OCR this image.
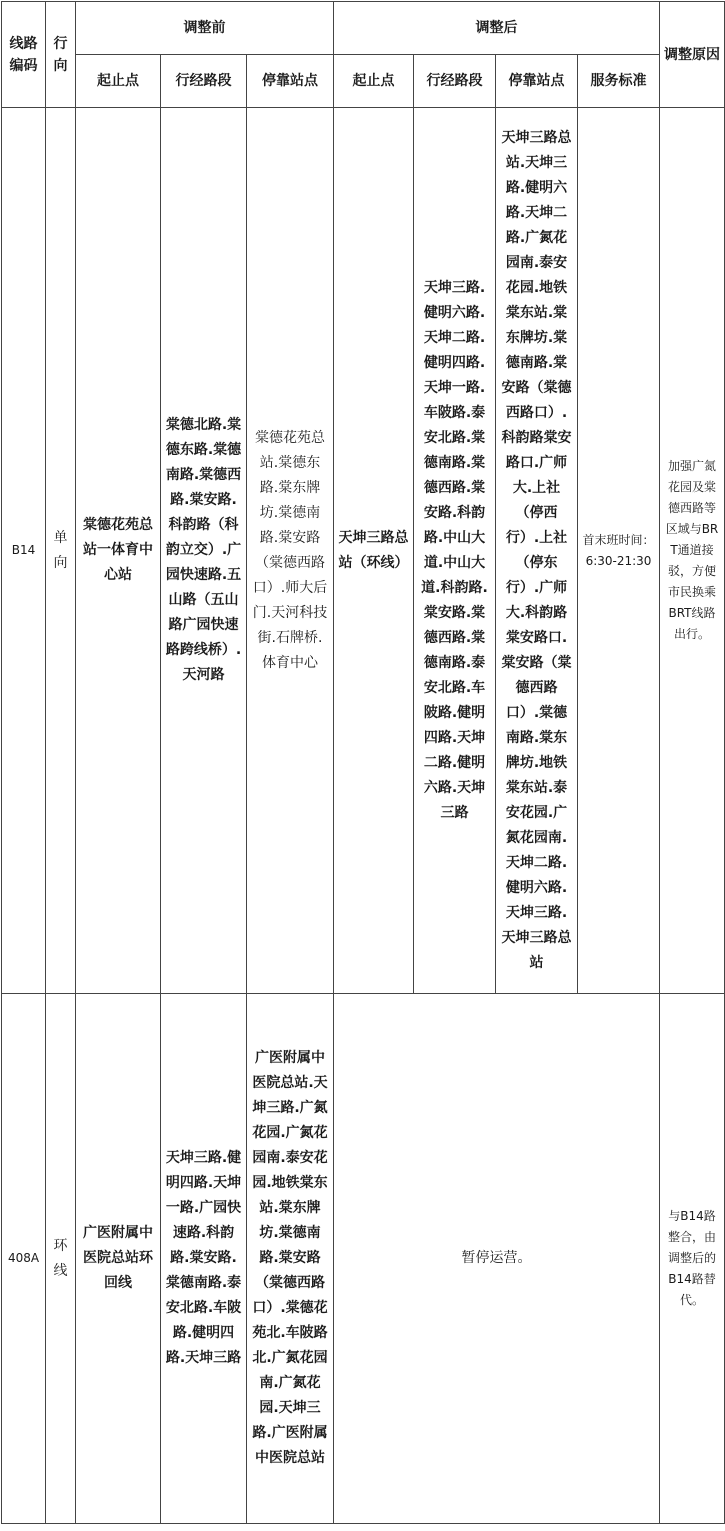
线路编码	行向	调整前			调整后				调整原因
		起止点	行经路段	停靠站点	起止点	行经路段	停靠站点	服务标准	
B14	单向	棠德花苑总站一体育中心站	棠德北路.棠德东路.棠德南路.棠德西路.棠安路.科韵路（科韵立交）.广园快速路.五山路（五山路广园快速路跨线桥）.天河路	棠德花苑总站.棠德东路.棠东牌坊.棠德南路.棠安路（棠德西路口）.师大后门.天河科技街.石牌桥.体育中心	天坤三路总站（环线）	天坤三路.健明六路.天坤二路.健明四路.天坤一路.车陂路.泰安北路.棠德南路.棠德西路.棠安路.科韵路.中山大道.中山大道.科韵路.棠安路.棠德西路.棠德南路.泰安北路.车陂路.健明四路.天坤二路.健明六路.天坤三路	天坤三路总站.天坤三路.健明六路.天坤二路.广氮花园南.泰安花园.地铁棠东站.棠东牌坊.棠德南路.棠安路（棠德西路口）.科韵路棠安路口.广师大.上社（停西行）.上社（停东行）.广师大.科韵路棠安路口.棠安路（棠德西路口）.棠德南路.棠东牌坊.地铁棠东站.泰安花园.广氮花园南.天坤二路.健明六路.天坤三路.天坤三路总站	首末班时间：6:30-21:30	加强广氮花园及棠德西路等区域与BRT通道接驳，方便市民换乘BRT线路出行。
408A	环线	广医附属中医院总站环回线	天坤三路.健明四路.天坤一路.广园快速路.科韵路.棠安路.棠德南路.泰安北路.车陂路.健明四路.天坤三路	广医附属中医院总站.天坤三路.广氮花园.广氮花园南.泰安花园.地铁棠东站.棠东牌坊.棠德南路.棠安路（棠德西路口）.棠德花苑北.车陂路北.广氮花园南.广氮花园.天坤三路.广医附属中医院总站	暂停运营。				与B14路整合，由调整后的B14路替代。
